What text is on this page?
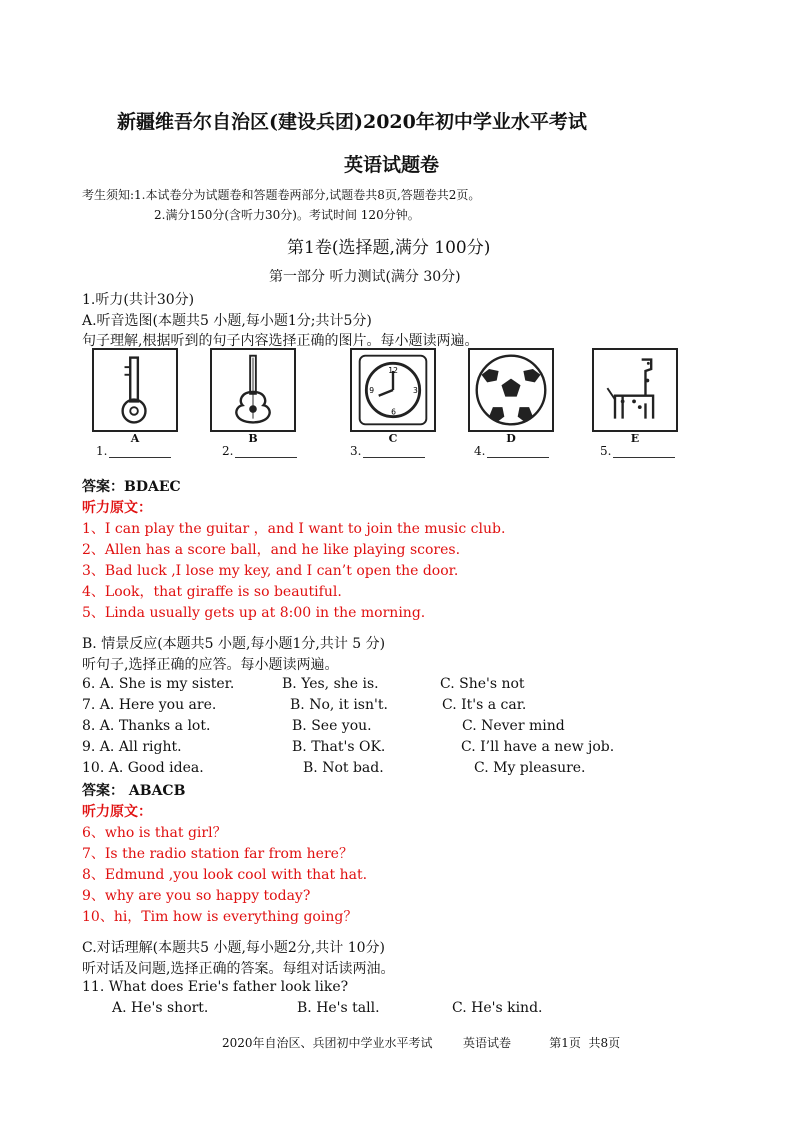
新疆维吾尔自治区(建设兵团)2020年初中学业水平考试
英语试题卷
考生须知:1.本试卷分为试题卷和答题卷两部分,试题卷共8页,答题卷共2页。
2.满分150分(含听力30分)。考试时间 120分钟。
第1卷(选择题,满分 100分)
第一部分 听力测试(满分 30分)
1.听力(共计30分)
A.听音选图(本题共5 小题,每小题1分;共计5分)
句子理解,根据听到的句子内容选择正确的图片。每小题读两遍。
12
3
6
9
A	B	C	D	E
1.	2.	3.	4.	5.
答案：BDAEC
听力原文：
1、I can play the guitar ，and I want to join the music club.
2、Allen has a score ball，and he like playing scores.
3、Bad luck ,I lose my key, and I can’t open the door.
4、Look，that giraffe is so beautiful.
5、Linda usually gets up at 8:00 in the morning.
B. 情景反应(本题共5 小题,每小题1分,共计 5 分)
听句子,选择正确的应答。每小题读两遍。
6. A. She is my sister.	B. Yes, she is.	C. She's not
7. A. Here you are.	B. No, it isn't.	C. It's a car.
8. A. Thanks a lot.	B. See you.	C. Never mind
9. A. All right.	B. That's OK.	C. I’ll have a new job.
10. A. Good idea.	B. Not bad.	C. My pleasure.
答案： ABACB
听力原文：
6、who is that girl？
7、Is the radio station far from here？
8、Edmund ,you look cool with that hat.
9、why are you so happy today?
10、hi，Tim how is everything going？
C.对话理解(本题共5 小题,每小题2分,共计 10分)
听对话及问题,选择正确的答案。每组对话读两油。
11. What does Erie's father look like?
A. He's short.	B. He's tall.	C. He's kind.
2020年自治区、兵团初中学业水平考试        英语试卷          第1页  共8页
